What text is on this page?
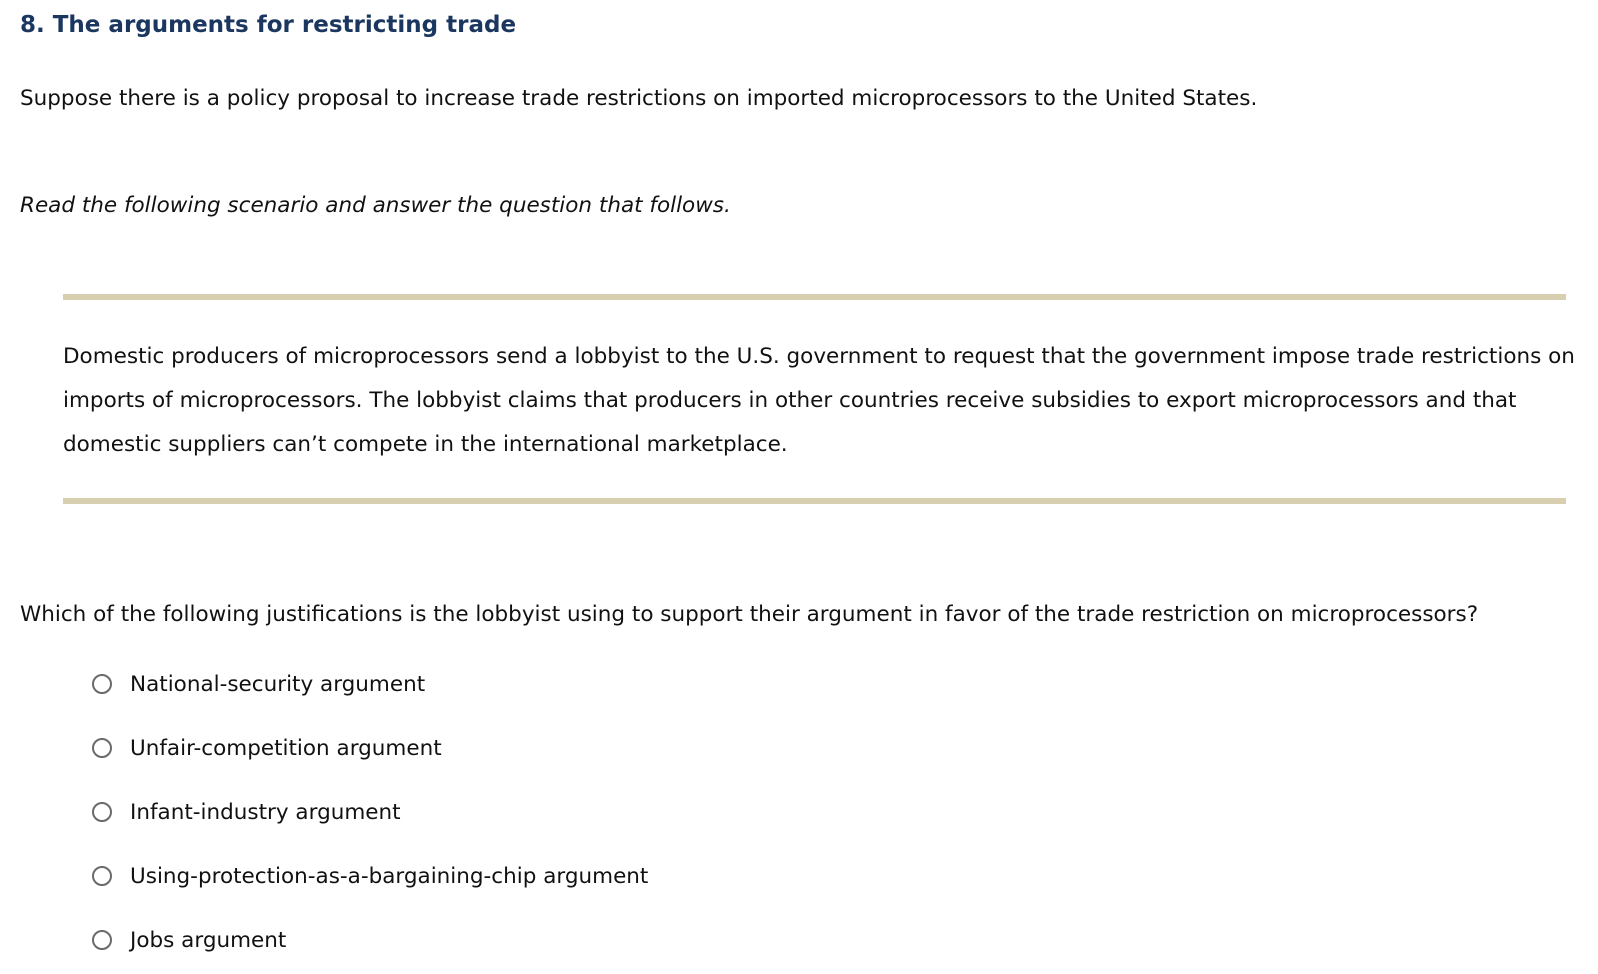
8. The arguments for restricting trade

Suppose there is a policy proposal to increase trade restrictions on imported microprocessors to the United States.

Read the following scenario and answer the question that follows.

Domestic producers of microprocessors send a lobbyist to the U.S. government to request that the government impose trade restrictions on imports of microprocessors. The lobbyist claims that producers in other countries receive subsidies to export microprocessors and that domestic suppliers can’t compete in the international marketplace.

Which of the following justifications is the lobbyist using to support their argument in favor of the trade restriction on microprocessors?

National-security argument
Unfair-competition argument
Infant-industry argument
Using-protection-as-a-bargaining-chip argument
Jobs argument
